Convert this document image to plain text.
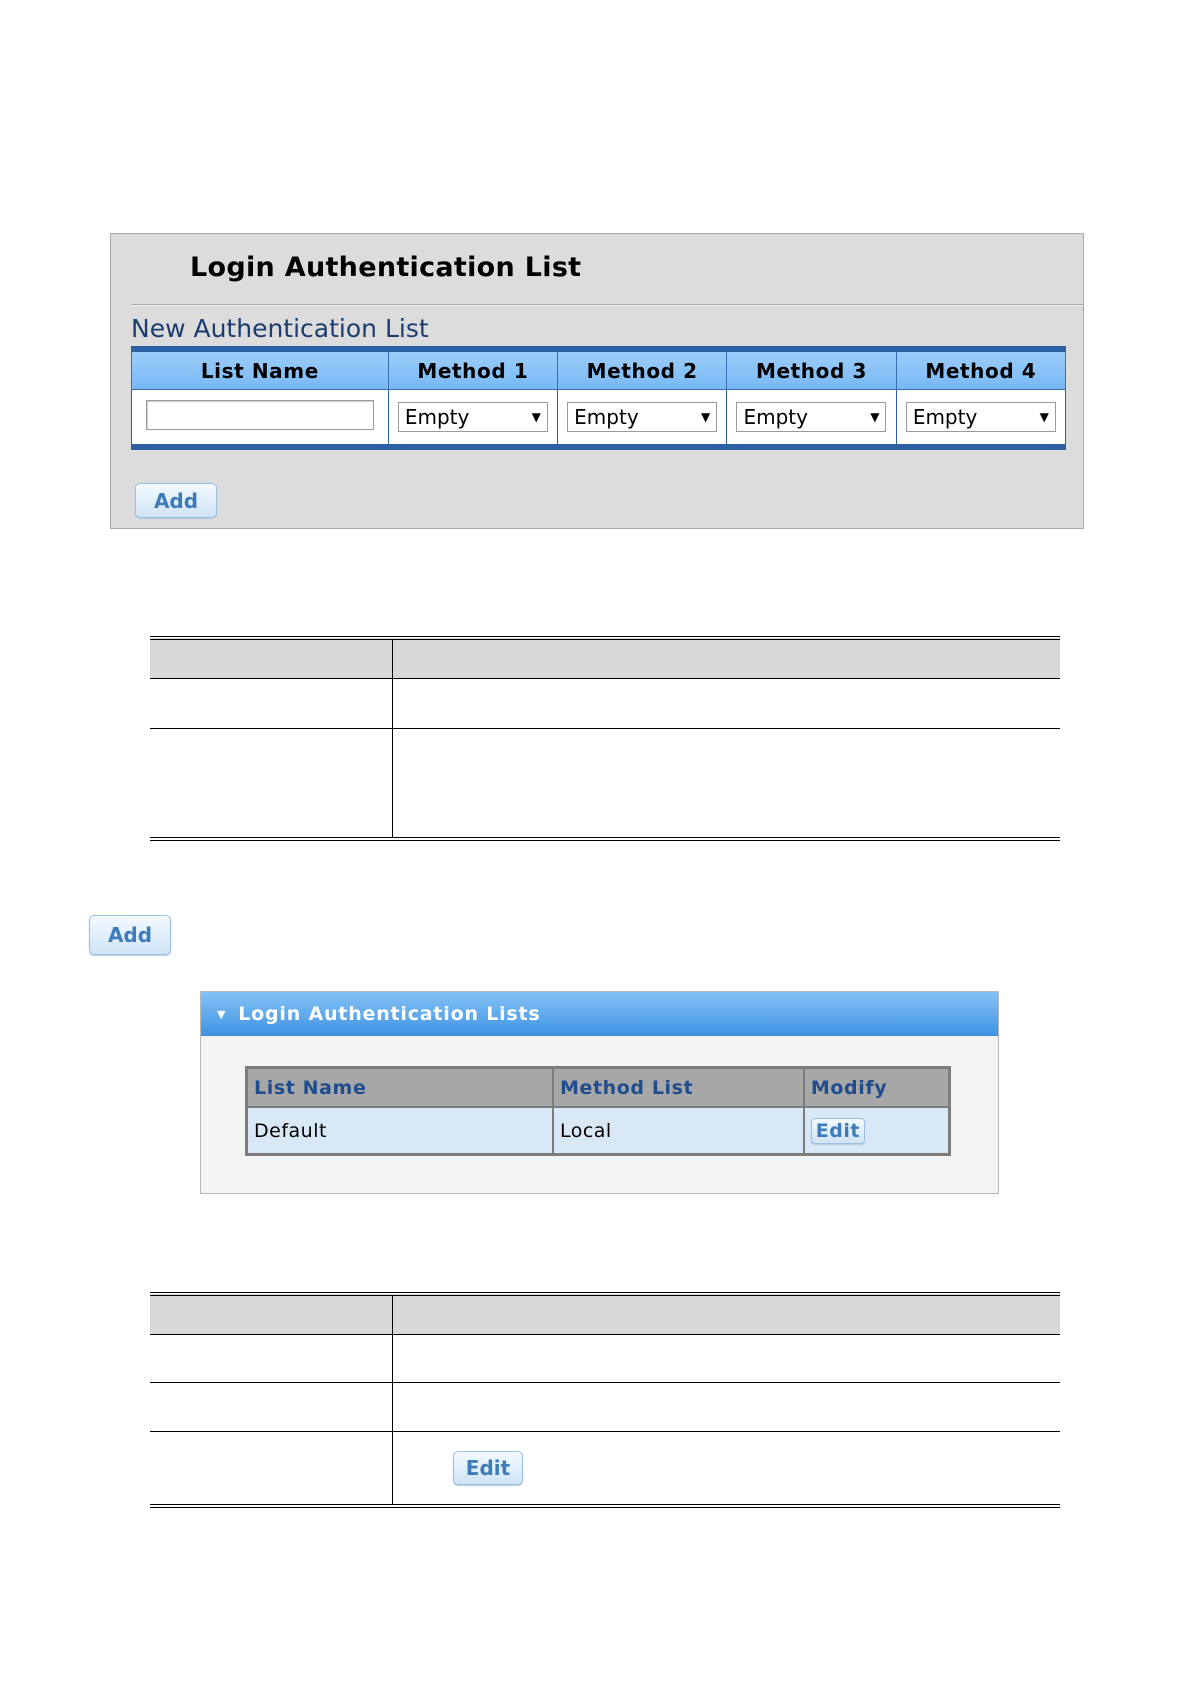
Login Authentication List
New Authentication List
List Name	Method 1	Method 2	Method 3	Method 4

	Empty ▼	Empty ▼	Empty ▼	Empty ▼
Add

Add
▼ Login Authentication Lists
List Name	Method List	Modify
Default	Local	Edit

	Edit
